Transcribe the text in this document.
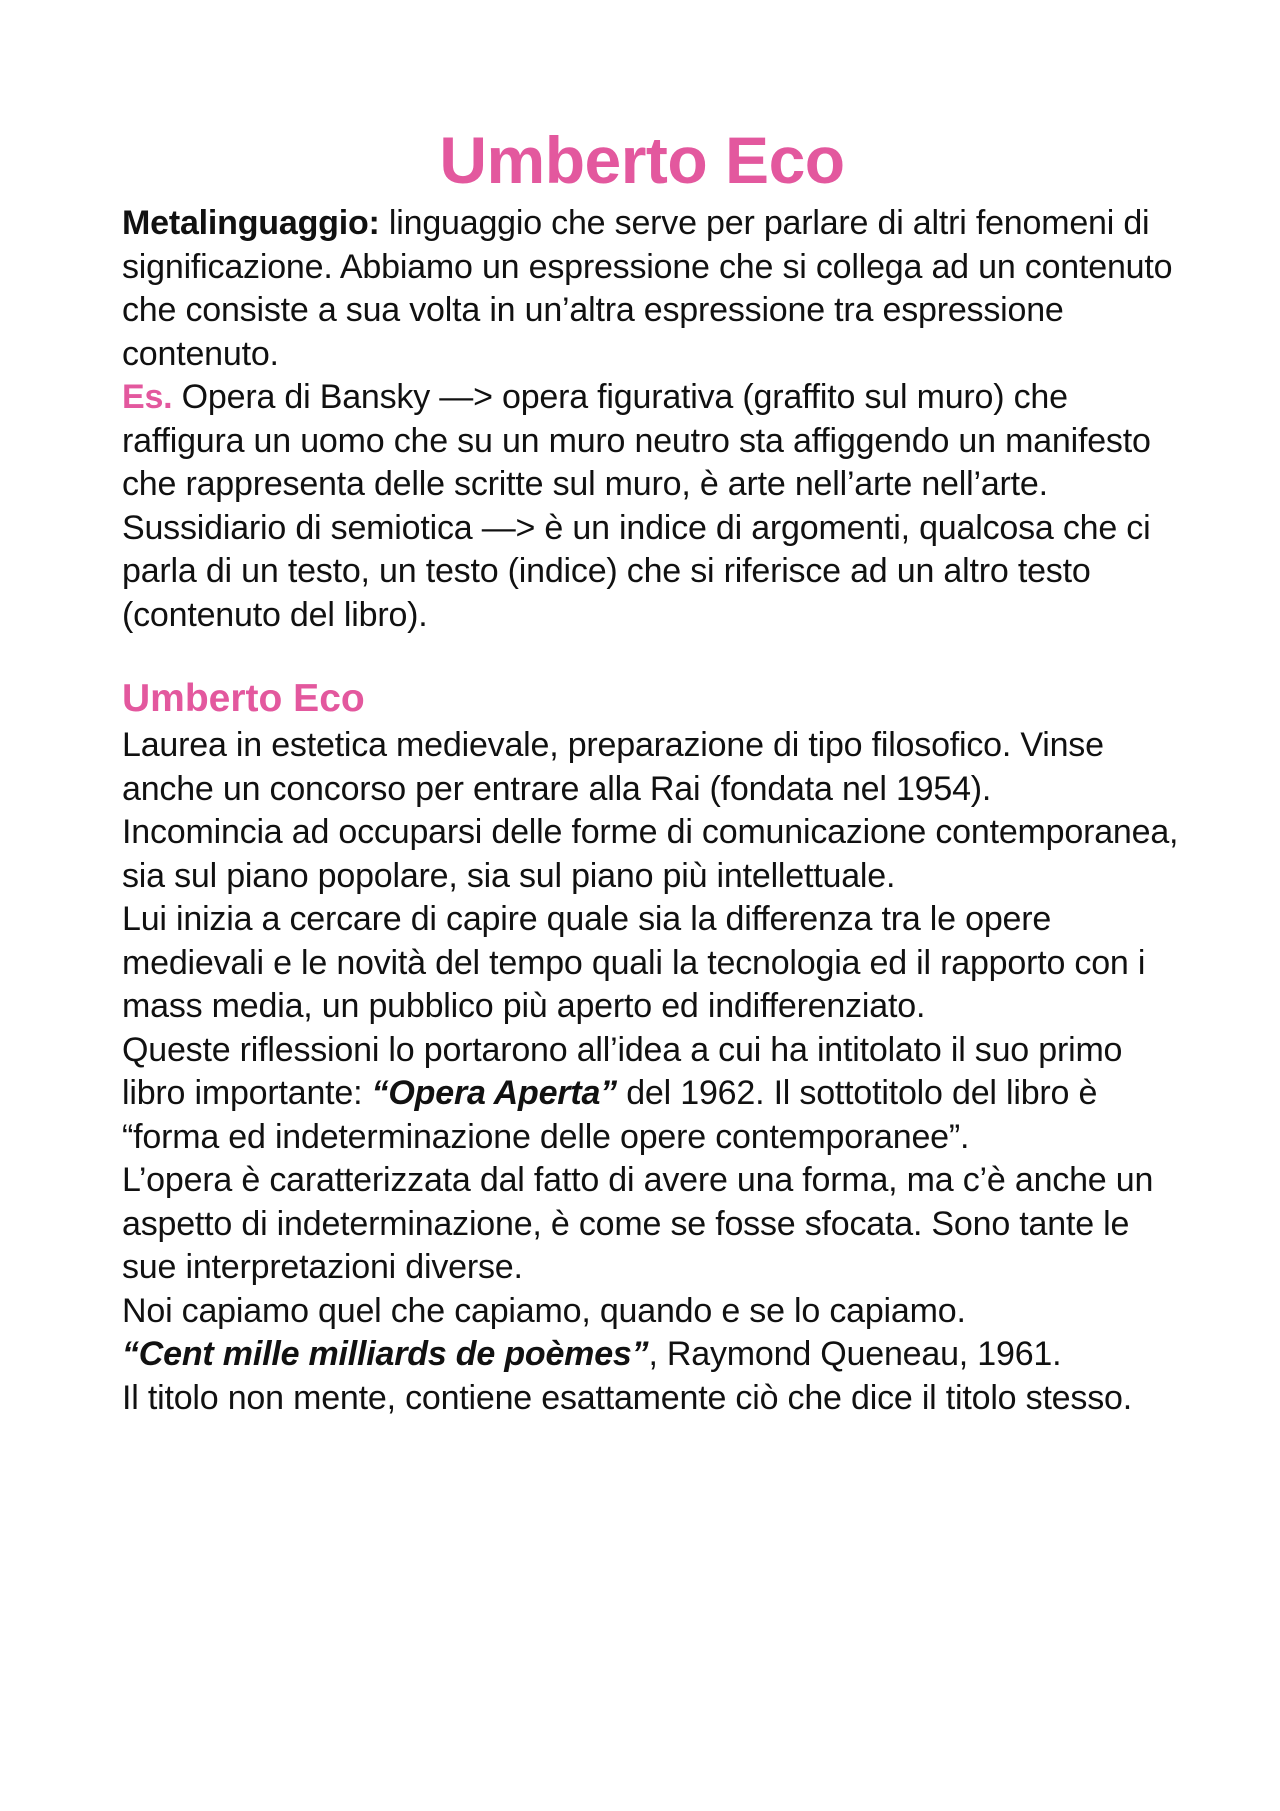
Umberto Eco

Metalinguaggio: linguaggio che serve per parlare di altri fenomeni di significazione. Abbiamo un espressione che si collega ad un contenuto che consiste a sua volta in un’altra espressione tra espressione contenuto.

Es. Opera di Bansky —> opera figurativa (graffito sul muro) che raffigura un uomo che su un muro neutro sta affiggendo un manifesto che rappresenta delle scritte sul muro, è arte nell’arte nell’arte.

Sussidiario di semiotica —> è un indice di argomenti, qualcosa che ci parla di un testo, un testo (indice) che si riferisce ad un altro testo (contenuto del libro).

Umberto Eco

Laurea in estetica medievale, preparazione di tipo filosofico. Vinse anche un concorso per entrare alla Rai (fondata nel 1954).

Incomincia ad occuparsi delle forme di comunicazione contemporanea, sia sul piano popolare, sia sul piano più intellettuale.

Lui inizia a cercare di capire quale sia la differenza tra le opere medievali e le novità del tempo quali la tecnologia ed il rapporto con i mass media, un pubblico più aperto ed indifferenziato.

Queste riflessioni lo portarono all’idea a cui ha intitolato il suo primo libro importante: “Opera Aperta” del 1962. Il sottotitolo del libro è “forma ed indeterminazione delle opere contemporanee”.

L’opera è caratterizzata dal fatto di avere una forma, ma c’è anche un aspetto di indeterminazione, è come se fosse sfocata. Sono tante le sue interpretazioni diverse.

Noi capiamo quel che capiamo, quando e se lo capiamo.

“Cent mille milliards de poèmes”, Raymond Queneau, 1961.

Il titolo non mente, contiene esattamente ciò che dice il titolo stesso.
